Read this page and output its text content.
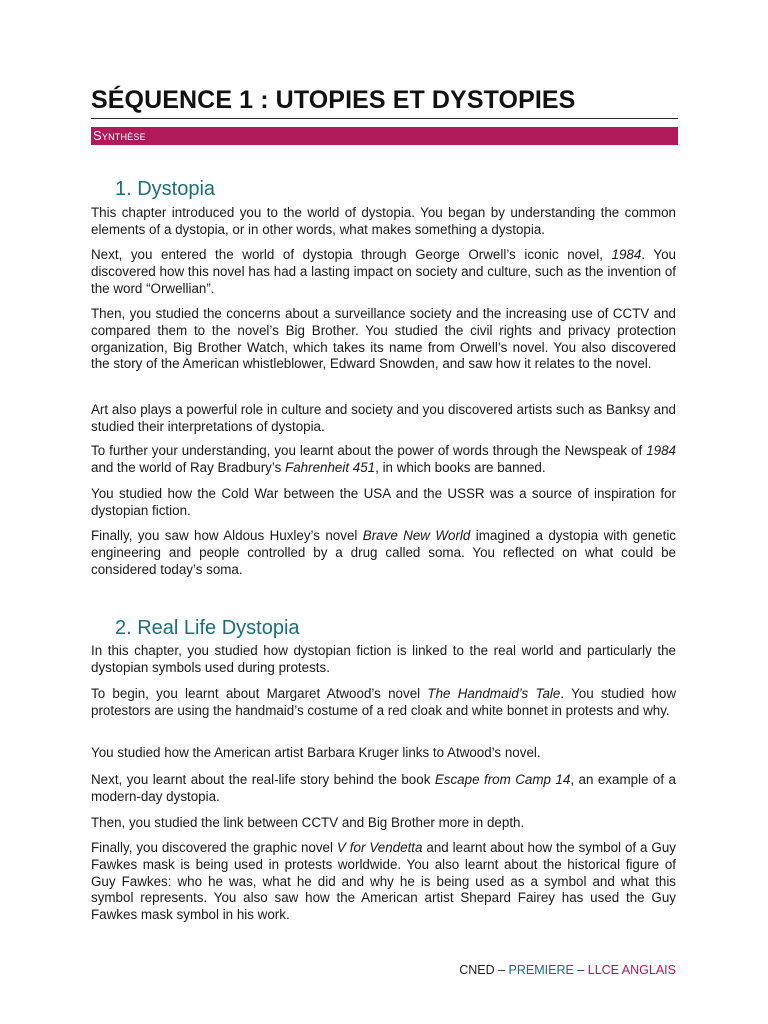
SÉQUENCE 1 : UTOPIES ET DYSTOPIES
Synthèse
1. Dystopia

This chapter introduced you to the world of dystopia. You began by understanding the common elements of a dystopia, or in other words, what makes something a dystopia.

Next, you entered the world of dystopia through George Orwell’s iconic novel, 1984. You discovered how this novel has had a lasting impact on society and culture, such as the invention of the word “Orwellian”.

Then, you studied the concerns about a surveillance society and the increasing use of CCTV and compared them to the novel’s Big Brother. You studied the civil rights and privacy protection organization, Big Brother Watch, which takes its name from Orwell’s novel. You also discovered the story of the American whistleblower, Edward Snowden, and saw how it relates to the novel.

Art also plays a powerful role in culture and society and you discovered artists such as Banksy and studied their interpretations of dystopia.

To further your understanding, you learnt about the power of words through the Newspeak of 1984 and the world of Ray Bradbury’s Fahrenheit 451, in which books are banned.

You studied how the Cold War between the USA and the USSR was a source of inspiration for dystopian fiction.

Finally, you saw how Aldous Huxley’s novel Brave New World imagined a dystopia with genetic engineering and people controlled by a drug called soma. You reflected on what could be considered today’s soma.

2. Real Life Dystopia

In this chapter, you studied how dystopian fiction is linked to the real world and particularly the dystopian symbols used during protests.

To begin, you learnt about Margaret Atwood’s novel The Handmaid’s Tale. You studied how protestors are using the handmaid’s costume of a red cloak and white bonnet in protests and why.

You studied how the American artist Barbara Kruger links to Atwood’s novel.

Next, you learnt about the real-life story behind the book Escape from Camp 14, an example of a modern-day dystopia.

Then, you studied the link between CCTV and Big Brother more in depth.

Finally, you discovered the graphic novel V for Vendetta and learnt about how the symbol of a Guy Fawkes mask is being used in protests worldwide. You also learnt about the historical figure of Guy Fawkes: who he was, what he did and why he is being used as a symbol and what this symbol represents. You also saw how the American artist Shepard Fairey has used the Guy Fawkes mask symbol in his work.

CNED – PREMIERE – LLCE ANGLAIS
